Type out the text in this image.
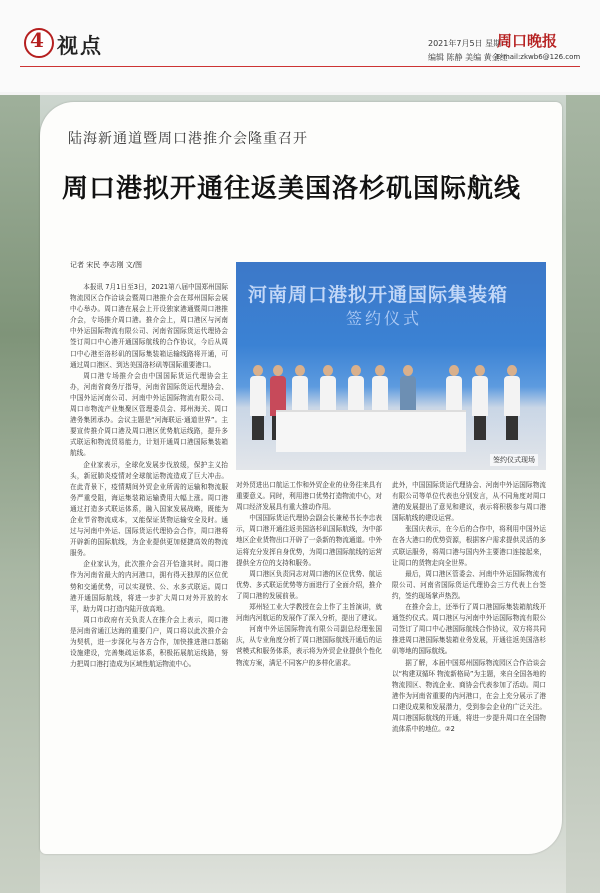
4 视点	2021年7月5日 星期一
编辑 陈静 美编 黄金红
周口晚报
E-mail:zkwb6@126.com
陆海新通道暨周口港推介会隆重召开
周口港拟开通往返美国洛杉矶国际航线
记者 宋民 李志刚 文/图
河南周口港拟开通国际集装箱
签约仪式
签约仪式现场

本报讯 7月1日至3日，2021第八届中国郑州国际物流园区合作洽谈会暨周口港推介会在郑州国际会展中心举办。周口港在展会上开设独家港通暨周口港推介会，专场推介周口港。推介会上，周口港区与河南中外运国际物流有限公司、河南省国际货运代理协会签订周口中心港开通国际航线的合作协议，今后从周口中心港至洛杉矶的国际集装箱运输线路将开通，可通过周口港区、到达美国洛杉矶等国际重要港口。

周口港专场推介会由中国国际货运代理协会主办，河南省商务厅指导，河南省国际货运代理协会、中国外运河南公司、河南中外运国际物流有限公司、周口市物流产业集聚区管理委员会、郑州海关、周口港务集团承办。会议主题是“河海联运·通道世界”。主要宣传推介周口港及周口港区优势航运线路，提升多式联运和物流贸易能力，计划开通周口港国际集装箱航线。

企业家表示，全球化发展步伐放缓，保护主义抬头，新冠肺炎疫情对全球航运物流造成了巨大冲击。在此背景下，疫情期间外贸企业所需的运输和物流服务严重受阻，海运集装箱运输费用大幅上涨。周口港通过打造多式联运体系，融入国家发展战略，既能为企业节省物流成本，又能保证货物运输安全及时。通过与河南中外运、国际货运代理协会合作，周口港将开辟新的国际航线，为企业提供更加便捷高效的物流服务。

企业家认为，此次推介会召开恰逢其时。周口港作为河南省最大的内河港口，拥有得天独厚的区位优势和交通优势，可以实现铁、公、水多式联运。周口港开通国际航线，将进一步扩大周口对外开放的水平，助力周口打造内陆开放高地。

周口市政府有关负责人在推介会上表示，周口港是河南省通江达海的重要门户，周口将以此次推介会为契机，进一步深化与各方合作，加快推进港口基础设施建设，完善集疏运体系，积极拓展航运线路，努力把周口港打造成为区域性航运物流中心。

对外贸进出口航运工作和外贸企业的业务往来具有重要意义。同时，利用港口优势打造物流中心，对周口经济发展具有重大推动作用。

中国国际货运代理协会副会长兼秘书长李忠表示，周口港开通往返美国洛杉矶国际航线，为中部地区企业货物出口开辟了一条新的物流通道。中外运将充分发挥自身优势，为周口港国际航线的运营提供全方位的支持和服务。

周口港区负责同志对周口港的区位优势、航运优势、多式联运优势等方面进行了全面介绍，推介了周口港的发展前景。

郑州轻工业大学教授在会上作了主旨演讲，就河南内河航运的发展作了深入分析，提出了建议。

河南中外运国际物流有限公司副总经理张国庆，从专业角度分析了周口港国际航线开通后的运营模式和服务体系，表示将为外贸企业提供个性化物流方案，满足不同客户的多样化需求。

此外，中国国际货运代理协会、河南中外运国际物流有限公司等单位代表也分别发言，从不同角度对周口港的发展提出了意见和建议，表示将积极参与周口港国际航线的建设运营。

张国庆表示，在今后的合作中，将利用中国外运在各大港口的优势资源，根据客户需求提供灵活的多式联运服务，将周口港与国内外主要港口连接起来，让周口的货物走向全世界。

最后，周口港区管委会、河南中外运国际物流有限公司、河南省国际货运代理协会三方代表上台签约，签约现场掌声热烈。

在推介会上，还举行了周口港国际集装箱航线开通签约仪式。周口港区与河南中外运国际物流有限公司签订了周口中心港国际航线合作协议，双方将共同推进周口港国际集装箱业务发展，开通往返美国洛杉矶等地的国际航线。

据了解，本届中国郑州国际物流园区合作洽谈会以“构建双循环 物流新格局”为主题，来自全国各地的物流园区、物流企业、商协会代表参加了活动。周口港作为河南省重要的内河港口，在会上充分展示了港口建设成果和发展潜力，受到参会企业的广泛关注。周口港国际航线的开通，将进一步提升周口在全国物流体系中的地位。②2
